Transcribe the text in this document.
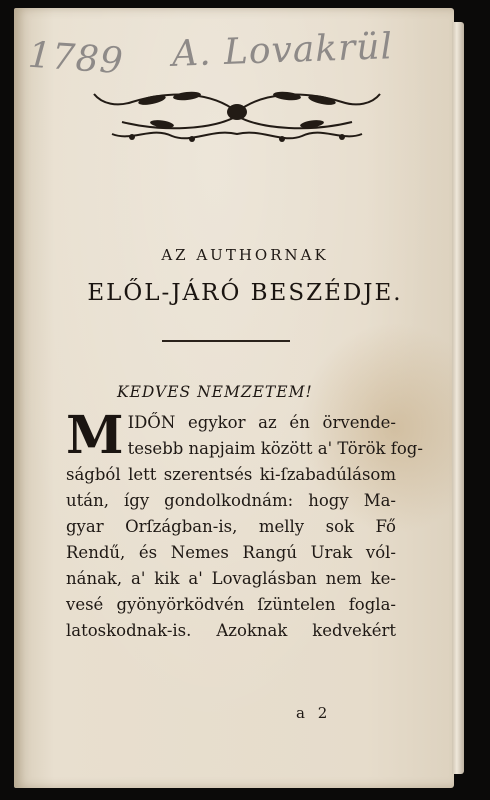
1789 A. Lovakrül
AZ AUTHORNAK
ELŐL-JÁRÓ BESZÉDJE.
KEDVES NEMZETEM!
M IDŐN egykor az én örvende-
tesebb napjaim között a' Török fog-
ságból lett szerentsés ki-ſzabadúlásom
után, így gondolkodnám: hogy Ma-
gyar Orſzágban-is, melly sok Fő
Rendű, és Nemes Rangú Urak vól-
nának, a' kik a' Lovaglásban nem ke-
vesé gyönyörködvén ſzüntelen fogla-
latoskodnak-is. Azoknak kedvekért
a 2
